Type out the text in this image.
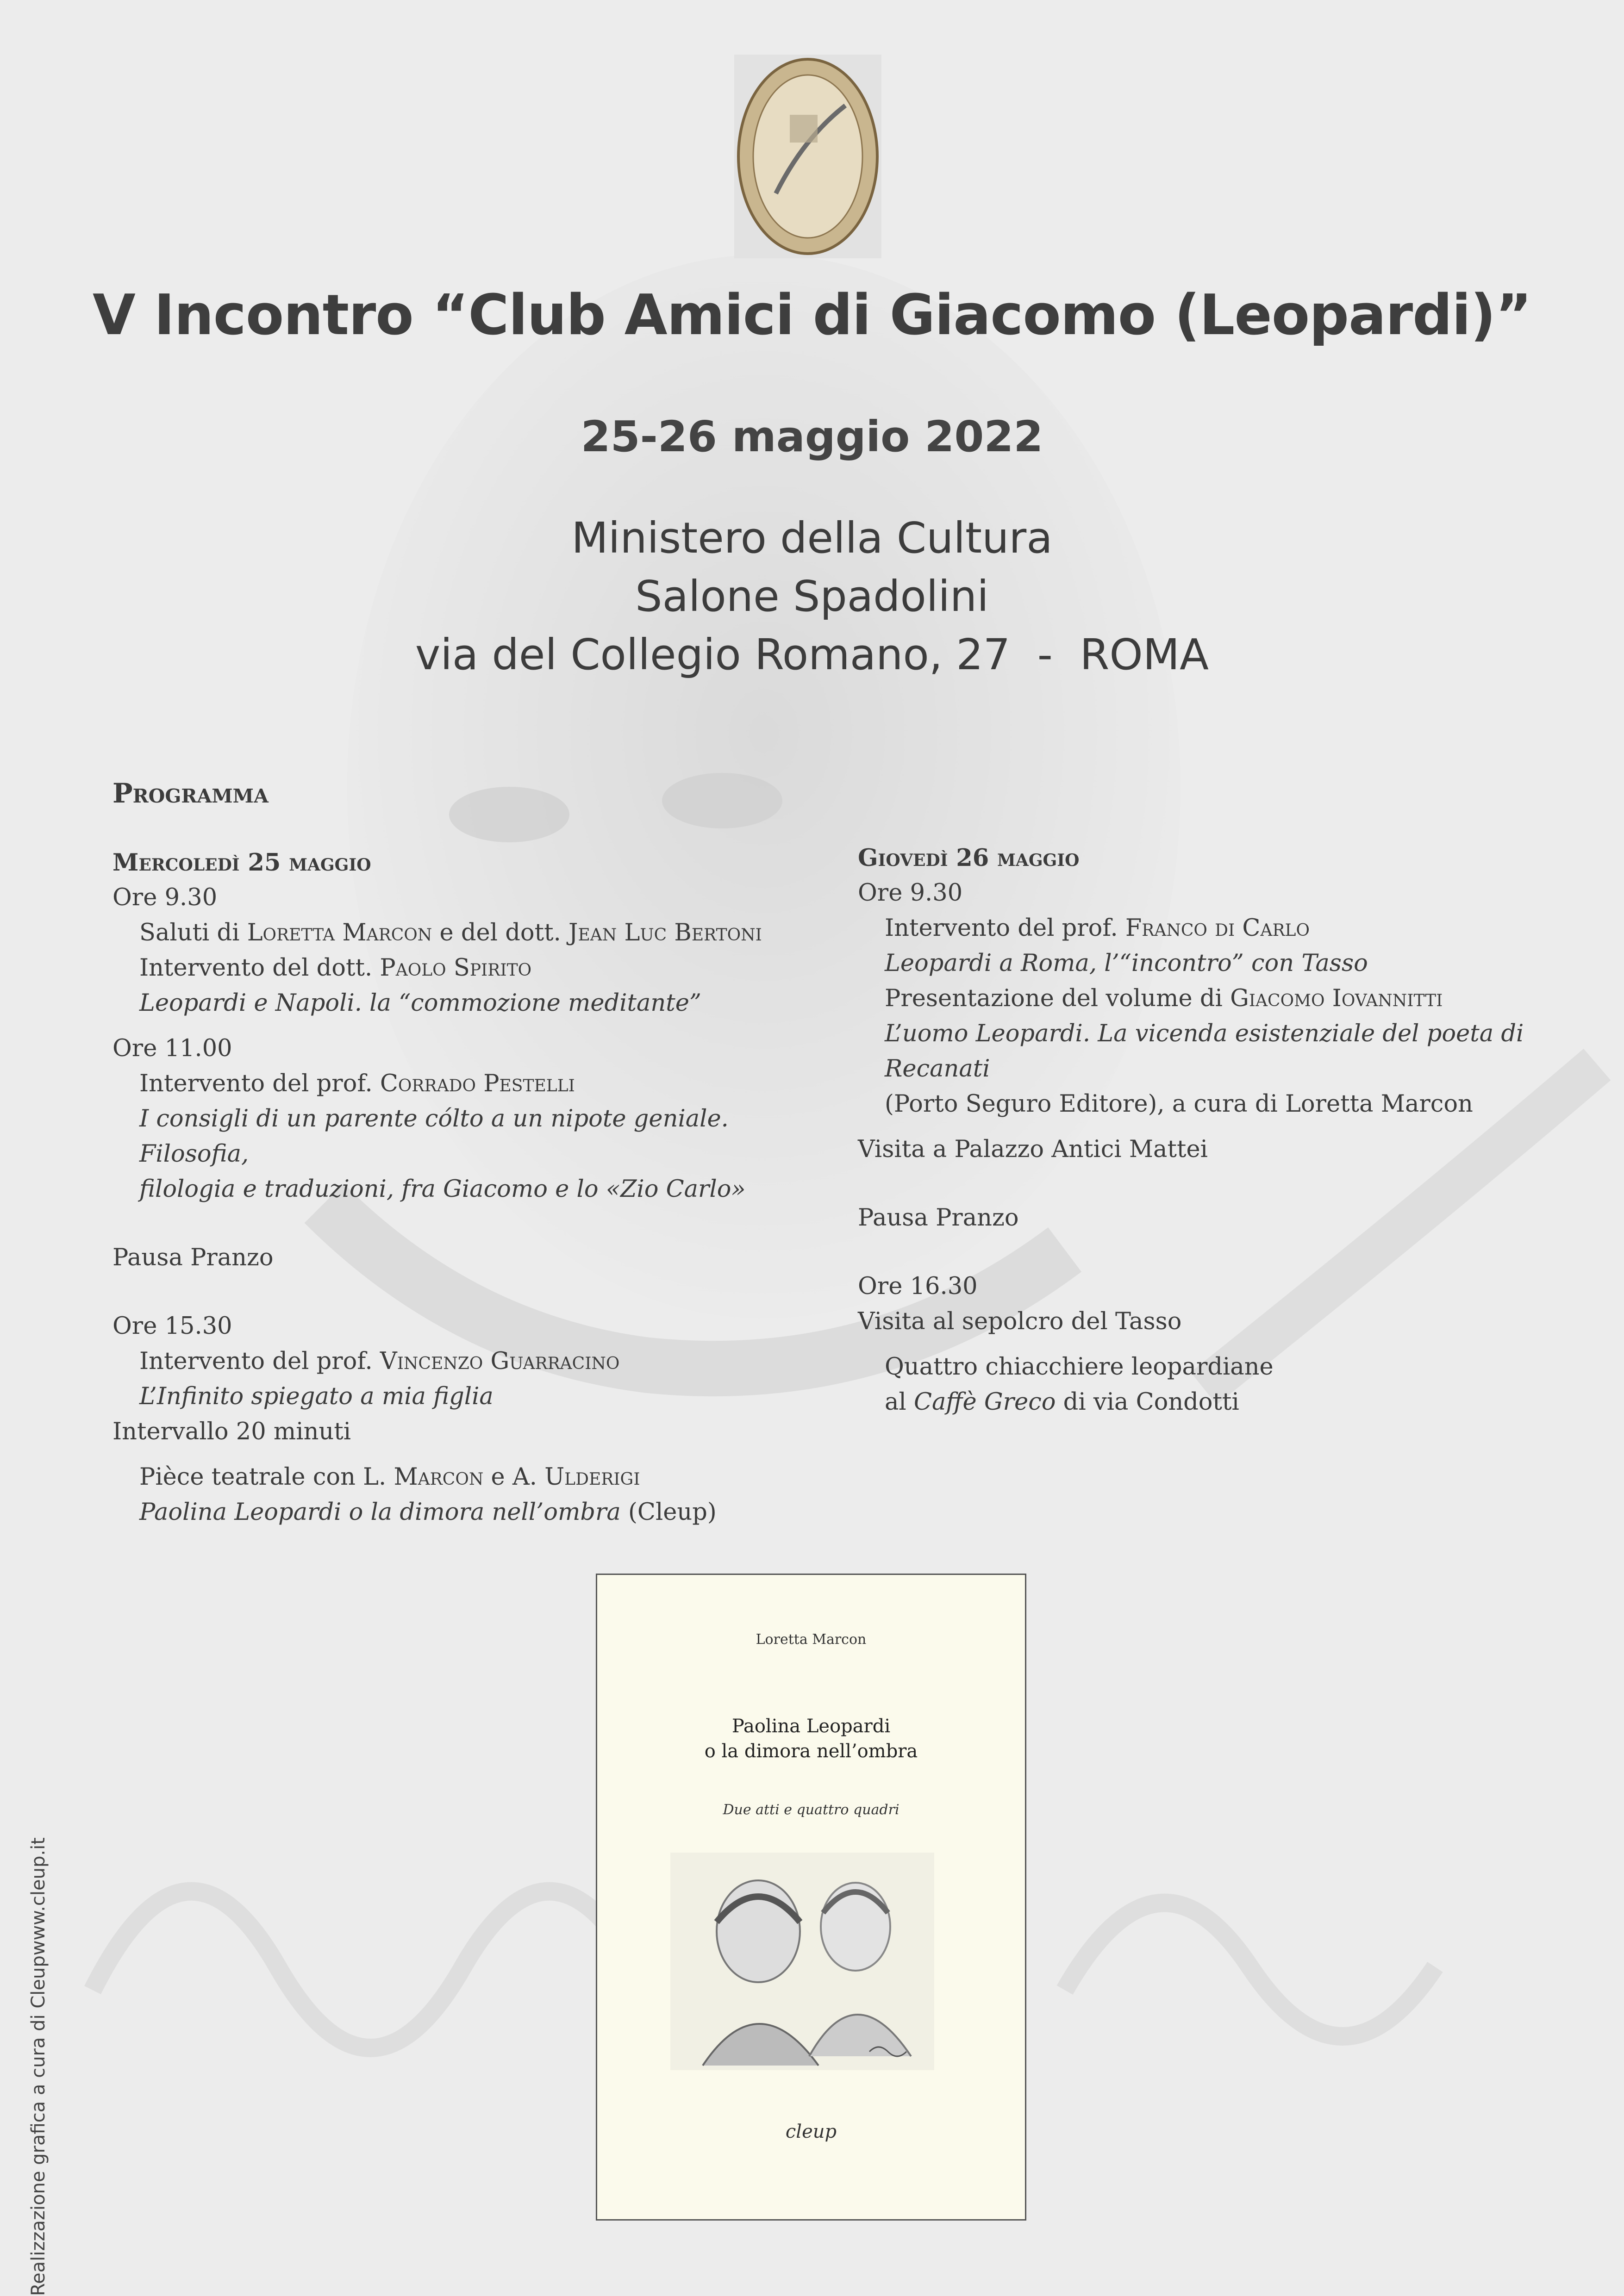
V Incontro “Club Amici di Giacomo (Leopardi)”
25-26 maggio 2022
Ministero della Cultura
Salone Spadolini
via del Collegio Romano, 27  -  ROMA
Programma
Mercoledì 25 maggio
Ore 9.30
Saluti di Loretta Marcon e del dott. Jean Luc Bertoni
Intervento del dott. Paolo Spirito
Leopardi e Napoli. la “commozione meditante”
Ore 11.00
Intervento del prof. Corrado Pestelli
I consigli di un parente cólto a un nipote geniale. Filosofia,
filologia e traduzioni, fra Giacomo e lo «Zio Carlo»
Pausa Pranzo
Ore 15.30
Intervento del prof. Vincenzo Guarracino
L’Infinito spiegato a mia figlia
Intervallo 20 minuti
Pièce teatrale con L. Marcon e A. Ulderigi
Paolina Leopardi o la dimora nell’ombra (Cleup)
Giovedì 26 maggio
Ore 9.30
Intervento del prof. Franco di Carlo
Leopardi a Roma, l’“incontro” con Tasso
Presentazione del volume di Giacomo Iovannitti
L’uomo Leopardi. La vicenda esistenziale del poeta di Recanati
(Porto Seguro Editore), a cura di Loretta Marcon
Visita a Palazzo Antici Mattei
Pausa Pranzo
Ore 16.30
Visita al sepolcro del Tasso
Quattro chiacchiere leopardiane
al Caffè Greco di via Condotti
Loretta Marcon
Paolina Leopardi
o la dimora nell’ombra
Due atti e quattro quadri
cleup
Realizzazione grafica a cura di Cleupwww.cleup.it
